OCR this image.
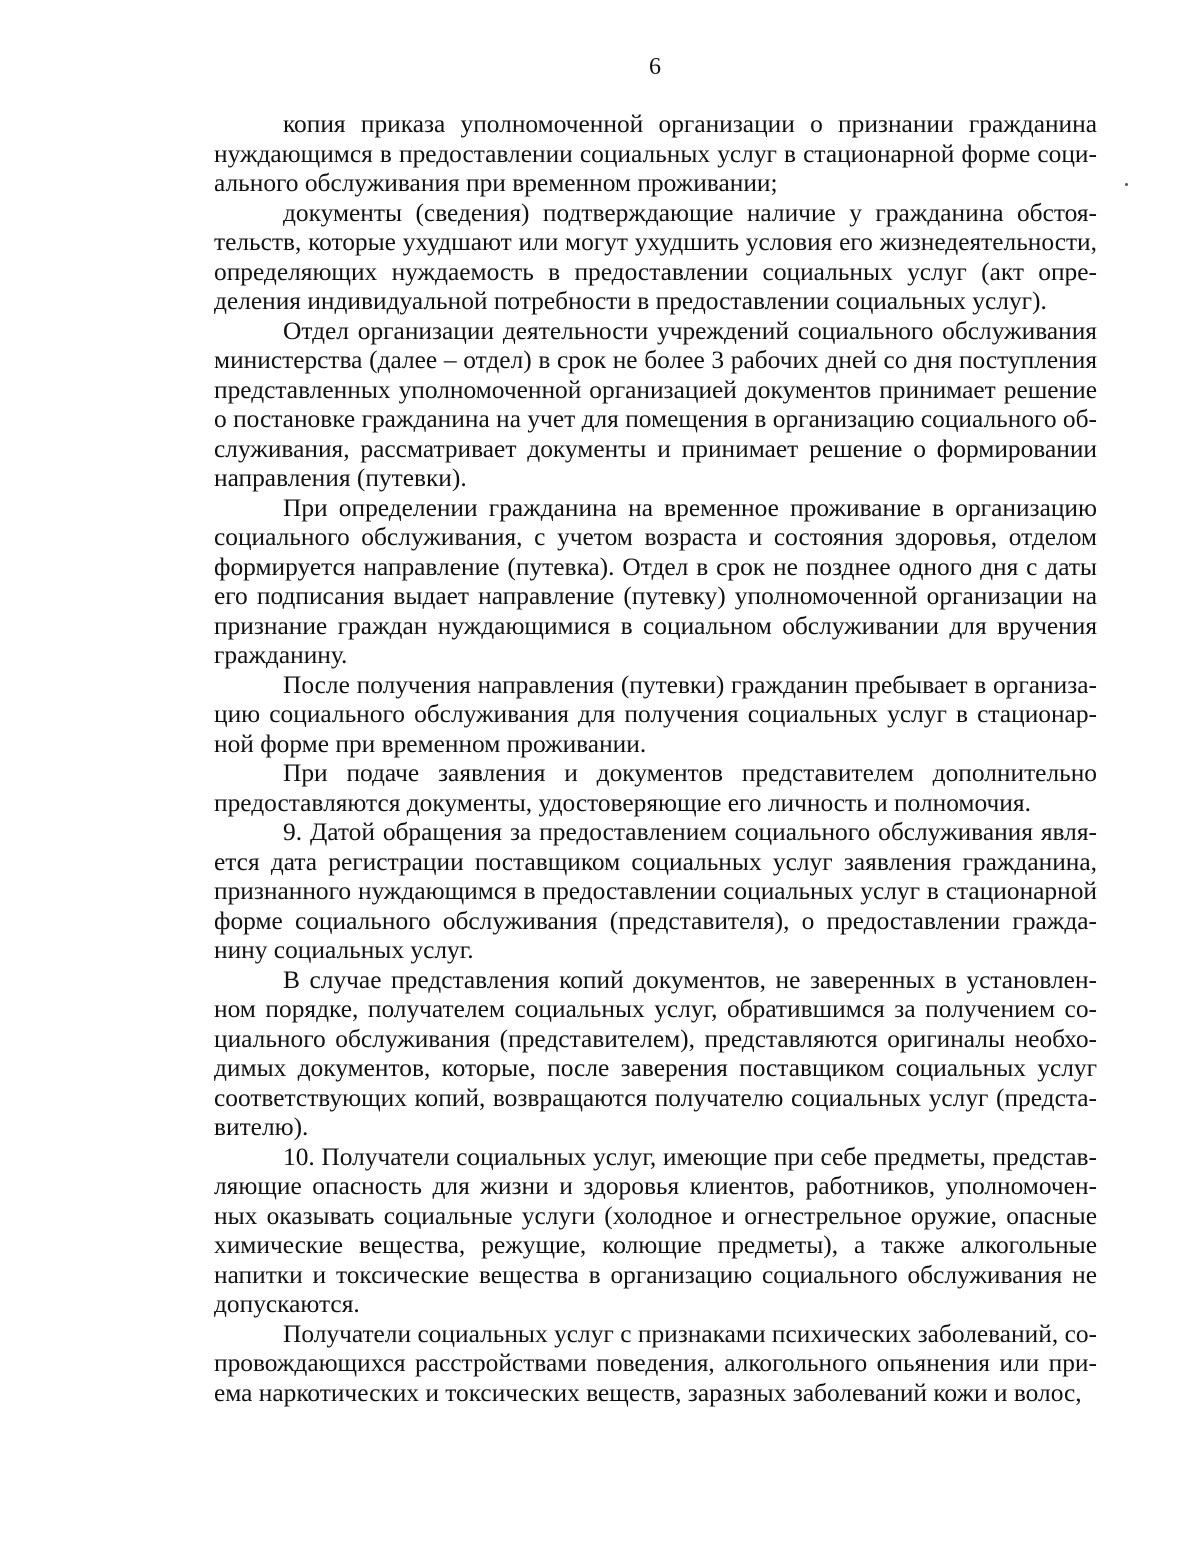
6

копия приказа уполномоченной организации о признании гражданина нуждающимся в предоставлении социальных услуг в стационарной форме социального обслуживания при временном проживании;

документы (сведения) подтверждающие наличие у гражданина обстоятельств, которые ухудшают или могут ухудшить условия его жизнедеятельности, определяющих нуждаемость в предоставлении социальных услуг (акт определения индивидуальной потребности в предоставлении социальных услуг).

Отдел организации деятельности учреждений социального обслуживания министерства (далее – отдел) в срок не более 3 рабочих дней со дня поступления представленных уполномоченной организацией документов принимает решение о постановке гражданина на учет для помещения в организацию социального обслуживания, рассматривает документы и принимает решение о формировании направления (путевки).

При определении гражданина на временное проживание в организацию социального обслуживания, с учетом возраста и состояния здоровья, отделом формируется направление (путевка). Отдел в срок не позднее одного дня с даты его подписания выдает направление (путевку) уполномоченной организации на признание граждан нуждающимися в социальном обслуживании для вручения гражданину.

После получения направления (путевки) гражданин пребывает в организацию социального обслуживания для получения социальных услуг в стационарной форме при временном проживании.

При подаче заявления и документов представителем дополнительно предоставляются документы, удостоверяющие его личность и полномочия.

9. Датой обращения за предоставлением социального обслуживания является дата регистрации поставщиком социальных услуг заявления гражданина, признанного нуждающимся в предоставлении социальных услуг в стационарной форме социального обслуживания (представителя), о предоставлении гражданину социальных услуг.

В случае представления копий документов, не заверенных в установленном порядке, получателем социальных услуг, обратившимся за получением социального обслуживания (представителем), представляются оригиналы необходимых документов, которые, после заверения поставщиком социальных услуг соответствующих копий, возвращаются получателю социальных услуг (представителю).

10. Получатели социальных услуг, имеющие при себе предметы, представляющие опасность для жизни и здоровья клиентов, работников, уполномоченных оказывать социальные услуги (холодное и огнестрельное оружие, опасные химические вещества, режущие, колющие предметы), а также алкогольные напитки и токсические вещества в организацию социального обслуживания не допускаются.

Получатели социальных услуг с признаками психических заболеваний, сопровождающихся расстройствами поведения, алкогольного опьянения или приема наркотических и токсических веществ, заразных заболеваний кожи и волос,
